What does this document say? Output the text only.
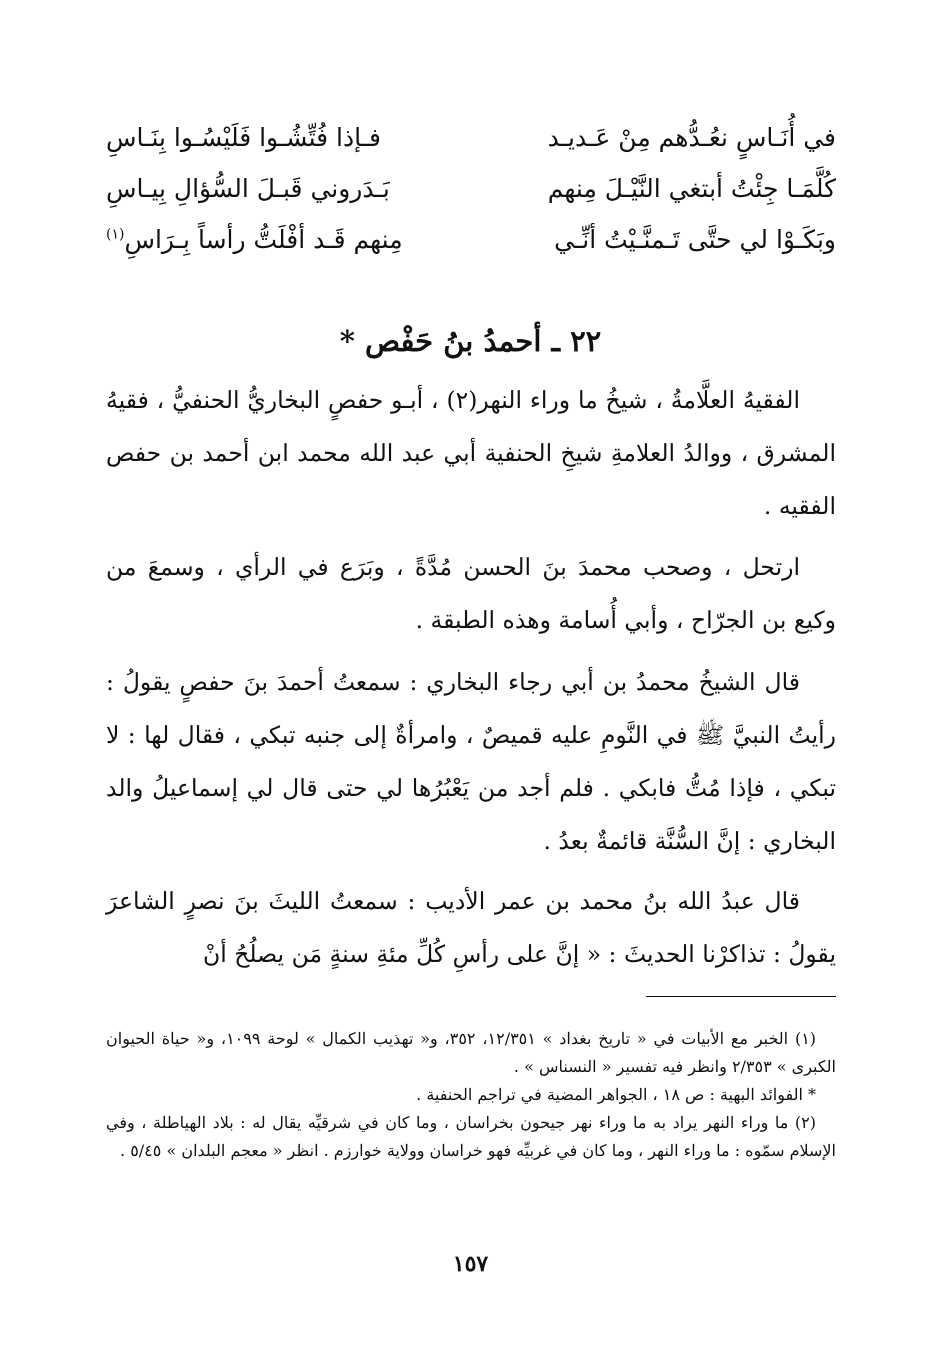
في أُنَـاسٍ نعُـدُّهم مِنْ عَـديـد
فـإذا فُتِّشُـوا فَلَيْسُـوا بِنَـاسِ
كُلَّمَـا جِئْتُ أبتغي النَّيْـلَ مِنهم
بَـدَروني قَبـلَ السُّؤالِ بِيـاسِ
وبَكَـوْا لي حتَّى تَـمنَّـيْتُ أنِّـي
مِنهم قَـد أفْلَتُّ رأساً بِـرَاسِ$^{(١)}$
٢٢ ـ أحمدُ بنُ حَفْص *

الفقيهُ العلَّامةُ ، شيخُ ما وراء النهر(٢) ، أبـو حفصٍ البخاريُّ الحنفيُّ ، فقيهُ المشرق ، ووالدُ العلامةِ شيخِ الحنفية أبي عبد الله محمد ابن أحمد بن حفص الفقيه .

ارتحل ، وصحب محمدَ بنَ الحسن مُدَّةً ، وبَرَع في الرأي ، وسمعَ من وكيع بن الجرّاح ، وأبي أُسامة وهذه الطبقة .

قال الشيخُ محمدُ بن أبي رجاء البخاري : سمعتُ أحمدَ بنَ حفصٍ يقولُ : رأيتُ النبيَّ ﷺ في النَّومِ عليه قميصٌ ، وامرأةٌ إلى جنبه تبكي ، فقال لها : لا تبكي ، فإذا مُتُّ فابكي . فلم أجد من يَعْبُرُها لي حتى قال لي إسماعيلُ والد البخاري : إنَّ السُّنَّة قائمةٌ بعدُ .

قال عبدُ الله بنُ محمد بن عمر الأديب : سمعتُ الليثَ بنَ نصرٍ الشاعرَ يقولُ : تذاكرْنا الحديثَ : « إنَّ على رأسِ كُلِّ مئةِ سنةٍ مَن يصلُحُ أنْ

(١) الخبر مع الأبيات في « تاريخ بغداد » ١٢/٣٥١، ٣٥٢، و« تهذيب الكمال » لوحة ١٠٩٩، و« حياة الحيوان الكبرى » ٢/٣٥٣ وانظر فيه تفسير « النسناس » .

* الفوائد البهية : ص ١٨ ، الجواهر المضية في تراجم الحنفية .

(٢) ما وراء النهر يراد به ما وراء نهر جيحون بخراسان ، وما كان في شرقيِّه يقال له : بلاد الهياطلة ، وفي الإسلام سمّوه : ما وراء النهر ، وما كان في غربيِّه فهو خراسان وولاية خوارزم . انظر « معجم البلدان » ٥/٤٥ .

١٥٧
